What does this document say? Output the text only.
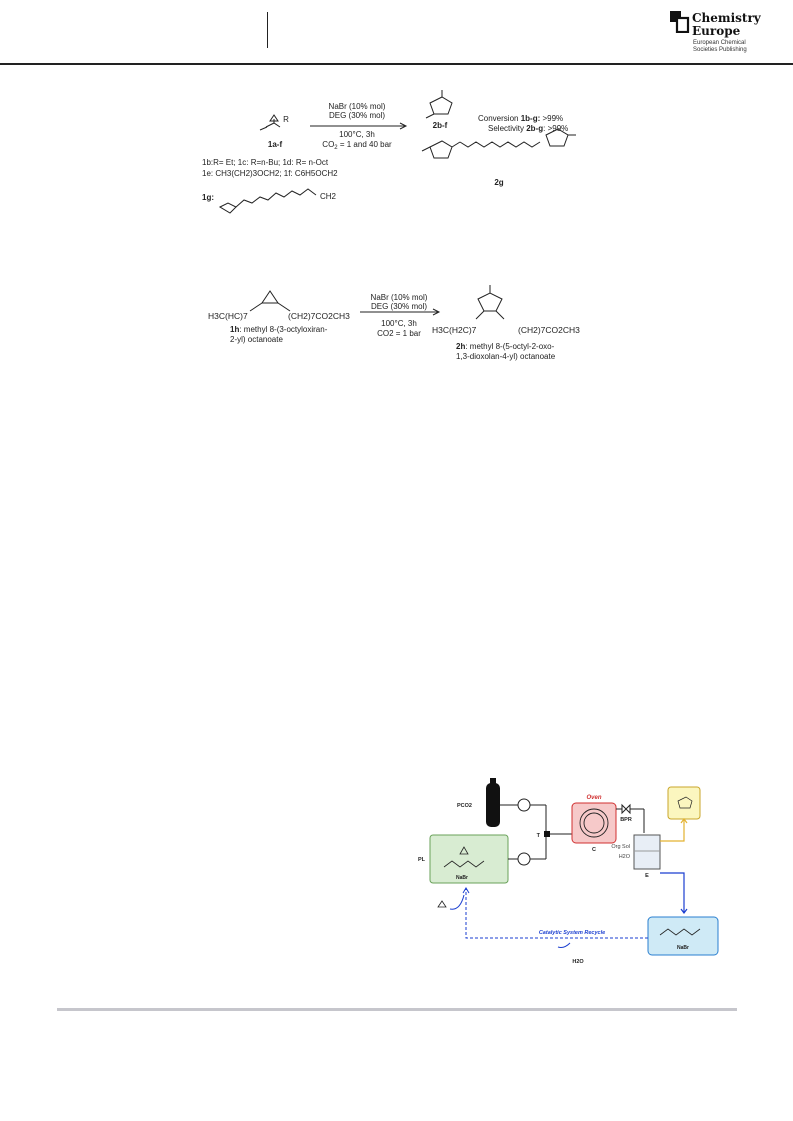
Chemistry
Europe
European Chemical
Societies Publishing
R
NaBr (10% mol)
DEG (30% mol)
100°C, 3h
$CO_2 = 1$ and 40 bar
1a-f
2b-f
Conversion 1b-g: >99%
Selectivity 2b-g: >99%
1b:R= Et; 1c: R=n-Bu; 1d: R= n-Oct
1e: CH3(CH2)3OCH2; 1f: C6H5OCH2
1g:	CH2
2g
H3C(HC)7	(CH2)7CO2CH3
1h: methyl 8-(3-octyloxiran-
2-yl) octanoate
NaBr (10% mol)
DEG (30% mol)
100°C, 3h
CO2 = 1 bar H3C(H2C)7	(CH2)7CO2CH3
2h: methyl 8-(5-octyl-2-oxo-
1,3-dioxolan-4-yl) octanoate
PCO2
T
PL
NaBr
Oven
C
BPR
Org Sol
H2O
E
NaBr
Catalytic System Recycle
H2O
